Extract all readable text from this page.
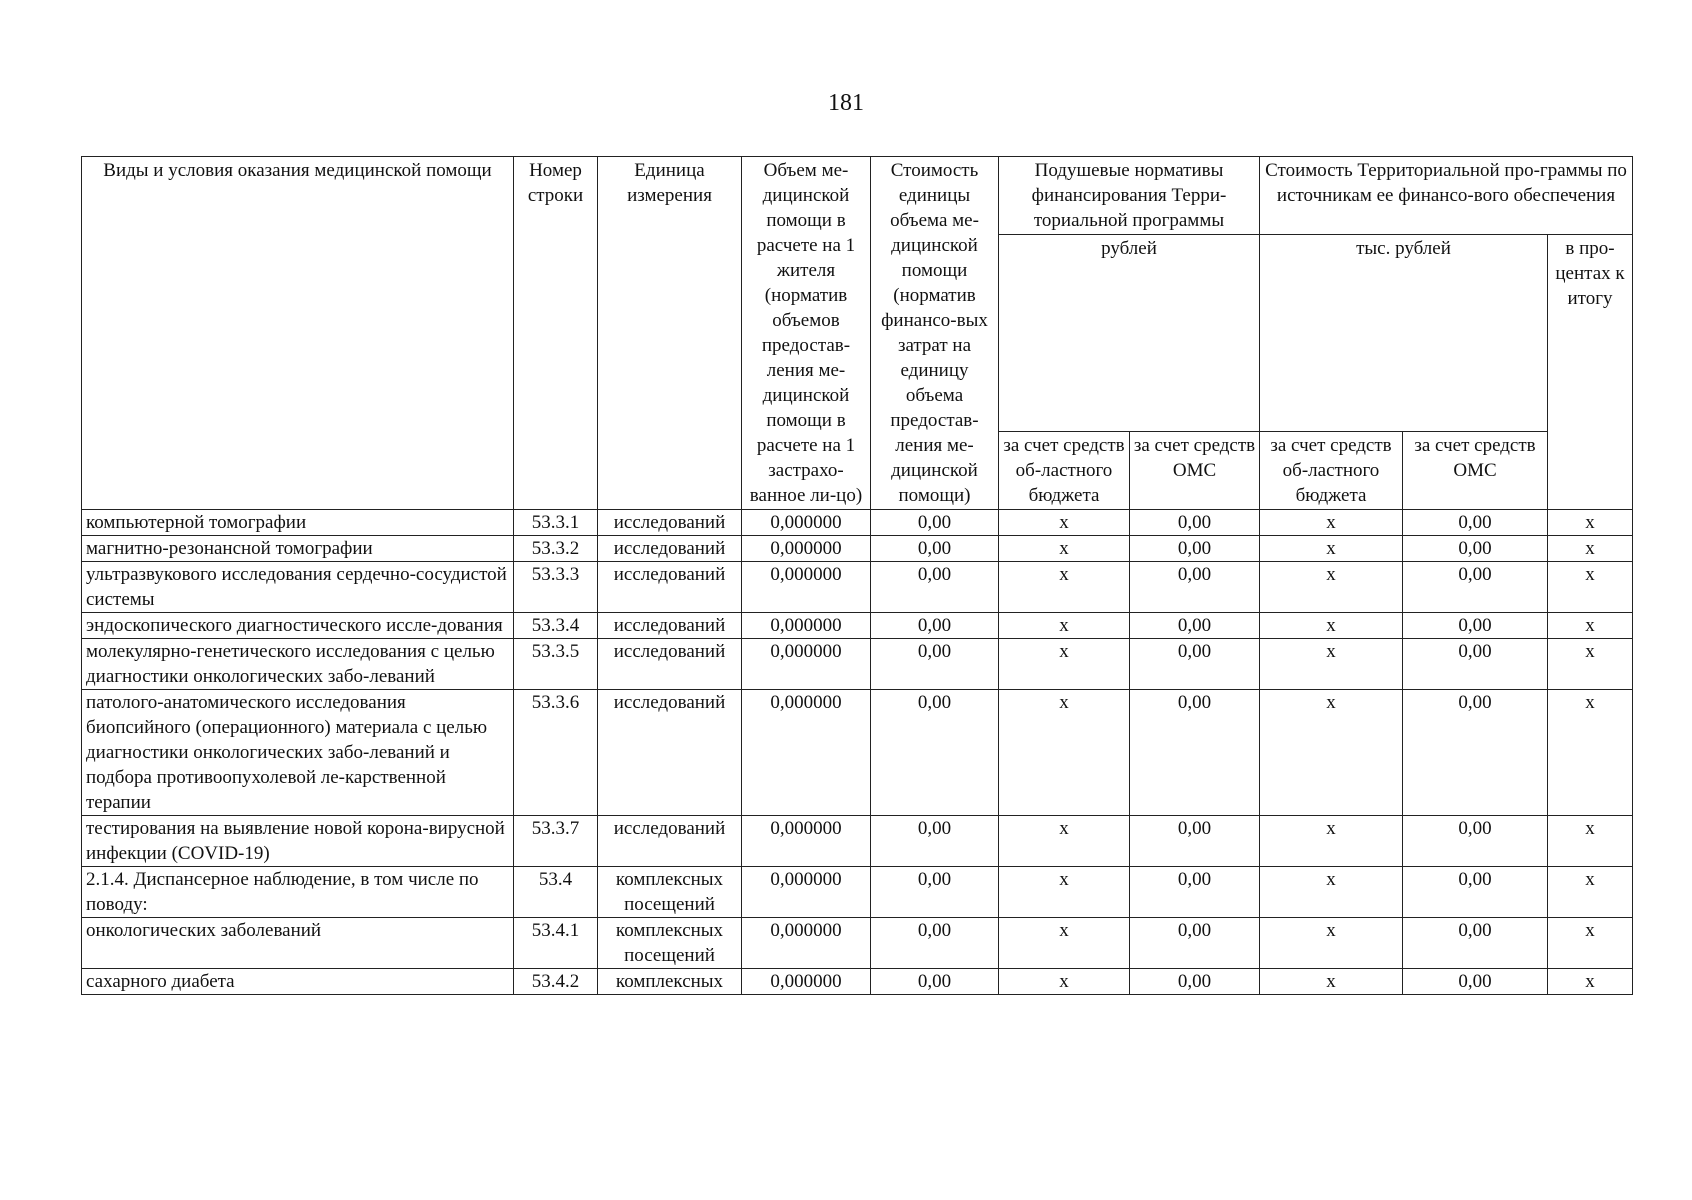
181
Виды и условия оказания медицинской помощи	Номер строки	Единица измерения	Объем ме-дицинской помощи в расчете на 1 жителя (норматив объемов предостав-ления ме-дицинской помощи в расчете на 1 застрахо-ванное ли-цо)	Стоимость единицы объема ме-дицинской помощи (норматив финансо-вых затрат на единицу объема предостав-ления ме-дицинской помощи)	Подушевые нормативы финансирования Терри-ториальной программы		Стоимость Территориальной про-граммы по источникам ее финансо-вого обеспечения		
					рублей		тыс. рублей		в про-центах к итогу
					за счет средств об-ластного бюджета	за счет средств ОМС	за счет средств об-ластного бюджета	за счет средств ОМС	
компьютерной томографии	53.3.1	исследований	0,000000	0,00	х	0,00	х	0,00	х
магнитно-резонансной томографии	53.3.2	исследований	0,000000	0,00	х	0,00	х	0,00	х
ультразвукового исследования сердечно-сосудистой системы	53.3.3	исследований	0,000000	0,00	х	0,00	х	0,00	х
эндоскопического диагностического иссле-дования	53.3.4	исследований	0,000000	0,00	х	0,00	х	0,00	х
молекулярно-генетического исследования с целью диагностики онкологических забо-леваний	53.3.5	исследований	0,000000	0,00	х	0,00	х	0,00	х
патолого-анатомического исследования биопсийного (операционного) материала с целью диагностики онкологических забо-леваний и подбора противоопухолевой ле-карственной терапии	53.3.6	исследований	0,000000	0,00	х	0,00	х	0,00	х
тестирования на выявление новой корона-вирусной инфекции (COVID-19)	53.3.7	исследований	0,000000	0,00	х	0,00	х	0,00	х
2.1.4. Диспансерное наблюдение, в том числе по поводу:	53.4	комплексных посещений	0,000000	0,00	х	0,00	х	0,00	х
онкологических заболеваний	53.4.1	комплексных посещений	0,000000	0,00	х	0,00	х	0,00	х
сахарного диабета	53.4.2	комплексных	0,000000	0,00	х	0,00	х	0,00	х
